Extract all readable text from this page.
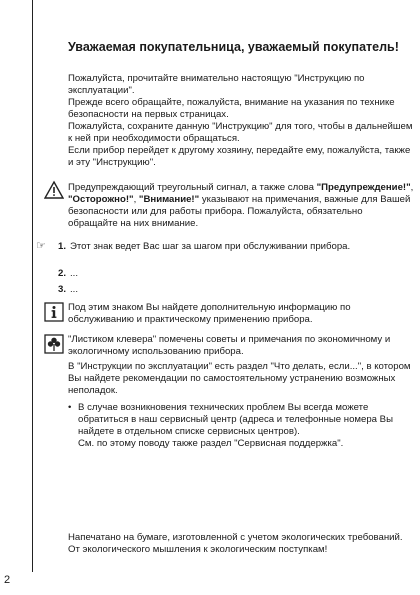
Уважаемая покупательница, уважаемый покупатель!

Пожалуйста, прочитайте внимательно настоящую "Инструкцию по эксплуатации".

Прежде всего обращайте, пожалуйста, внимание на указания по технике безопасности на первых страницах.

Пожалуйста, сохраните данную "Инструкцию" для того, чтобы в дальнейшем к ней при необходимости обращаться.

Если прибор перейдет к другому хозяину, передайте ему, пожалуйста, также и эту "Инструкцию".

Предупреждающий треугольный сигнал, а также слова "Предупреждение!", "Осторожно!", "Внимание!" указывают на примечания, важные для Вашей безопасности или для работы прибора. Пожалуйста, обязательно обращайте на них внимание.

☞ 1. Этот знак ведет Вас шаг за шагом при обслуживании прибора.
2. ...
3. ...

Под этим знаком Вы найдете дополнительную информацию по обслуживанию и практическому применению прибора.

"Листиком клевера" помечены советы и примечания по экономичному и экологичному использованию прибора.

В "Инструкции по эксплуатации" есть раздел "Что делать, если...", в котором Вы найдете рекомендации по самостоятельному устранению возможных неполадок.

• В случае возникновения технических проблем Вы всегда можете обратиться в наш сервисный центр (адреса и телефонные номера Вы найдете в отдельном списке сервисных центров).

См. по этому поводу также раздел "Сервисная поддержка".

Напечатано на бумаге, изготовленной с учетом экологических требований.

От экологического мышления к экологическим поступкам!

2
